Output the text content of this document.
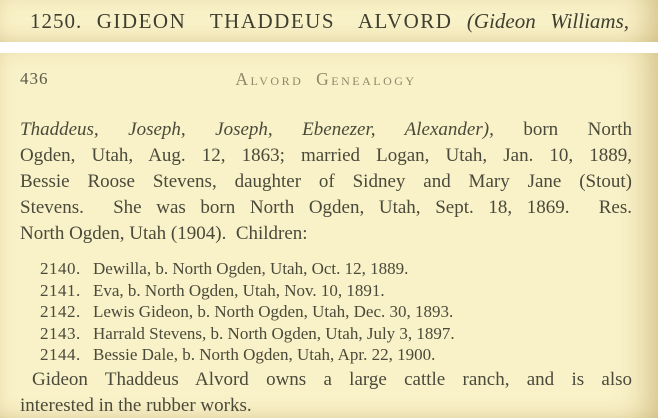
1250. GIDEON THADDEUS ALVORD (Gideon Williams,

436	Alvord Genealogy

Thaddeus, Joseph, Joseph, Ebenezer, Alexander), born North

Ogden, Utah, Aug. 12, 1863; married Logan, Utah, Jan. 10, 1889,

Bessie Roose Stevens, daughter of Sidney and Mary Jane (Stout)

Stevens.  She was born North Ogden, Utah, Sept. 18, 1869.  Res.

North Ogden, Utah (1904).  Children:

2140. Dewilla, b. North Ogden, Utah, Oct. 12, 1889.

2141. Eva, b. North Ogden, Utah, Nov. 10, 1891.

2142. Lewis Gideon, b. North Ogden, Utah, Dec. 30, 1893.

2143. Harrald Stevens, b. North Ogden, Utah, July 3, 1897.

2144. Bessie Dale, b. North Ogden, Utah, Apr. 22, 1900.

Gideon Thaddeus Alvord owns a large cattle ranch, and is also

interested in the rubber works.
